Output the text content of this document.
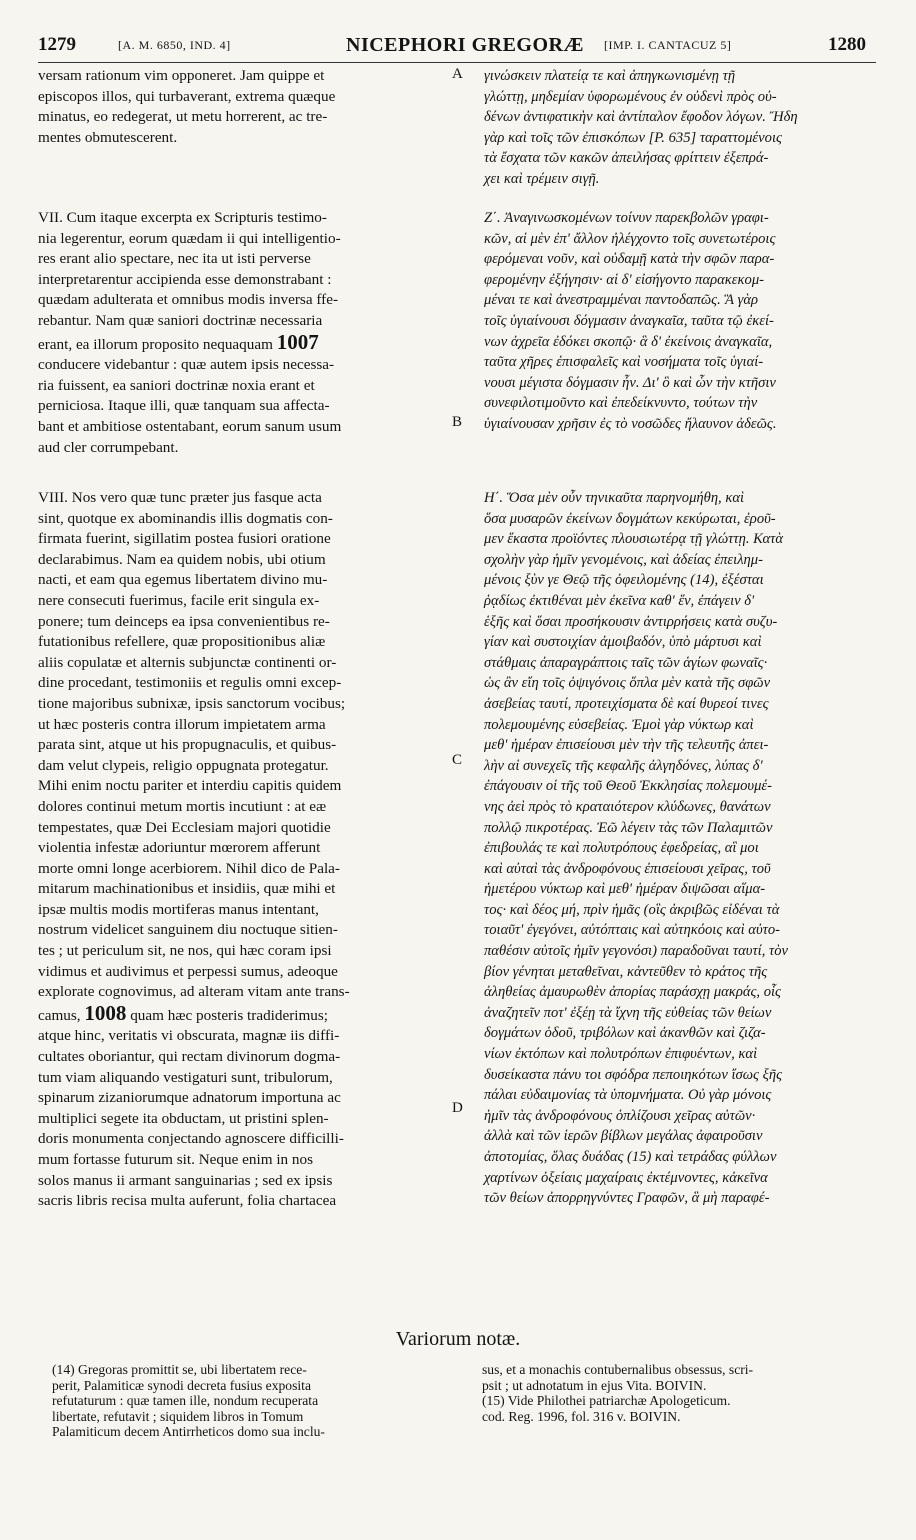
1279	[A. M. 6850, IND. 4]	NICEPHORI GREGORÆ [IMP. I. CANTACUZ 5]	1280
A
B
C
D
versam rationum vim opponeret. Jam quippe et
episcopos illos, qui turbaverant, extrema quæque
minatus, eo redegerat, ut metu horrerent, ac tre-
mentes obmutescerent.
VII. Cum itaque excerpta ex Scripturis testimo-
nia legerentur, eorum quædam ii qui intelligentio-
res erant alio spectare, nec ita ut isti perverse
interpretarentur accipienda esse demonstrabant :
quædam adulterata et omnibus modis inversa ffe-
rebantur. Nam quæ saniori doctrinæ necessaria
erant, ea illorum proposito nequaquam 1007
conducere videbantur : quæ autem ipsis necessa-
ria fuissent, ea saniori doctrinæ noxia erant et
perniciosa. Itaque illi, quæ tanquam sua affecta-
bant et ambitiose ostentabant, eorum sanum usum
aud cler corrumpebant.
VIII. Nos vero quæ tunc præter jus fasque acta
sint, quotque ex abominandis illis dogmatis con-
firmata fuerint, sigillatim postea fusiori oratione
declarabimus. Nam ea quidem nobis, ubi otium
nacti, et eam qua egemus libertatem divino mu-
nere consecuti fuerimus, facile erit singula ex-
ponere; tum deinceps ea ipsa convenientibus re-
futationibus refellere, quæ propositionibus aliæ
aliis copulatæ et alternis subjunctæ continenti or-
dine procedant, testimoniis et regulis omni excep-
tione majoribus subnixæ, ipsis sanctorum vocibus;
ut hæc posteris contra illorum impietatem arma
parata sint, atque ut his propugnaculis, et quibus-
dam velut clypeis, religio oppugnata protegatur.
Mihi enim noctu pariter et interdiu capitis quidem
dolores continui metum mortis incutiunt : at eæ
tempestates, quæ Dei Ecclesiam majori quotidie
violentia infestæ adoriuntur mœrorem afferunt
morte omni longe acerbiorem. Nihil dico de Pala-
mitarum machinationibus et insidiis, quæ mihi et
ipsæ multis modis mortiferas manus intentant,
nostrum videlicet sanguinem diu noctuque sitien-
tes ; ut periculum sit, ne nos, qui hæc coram ipsi
vidimus et audivimus et perpessi sumus, adeoque
explorate cognovimus, ad alteram vitam ante trans-
camus, 1008 quam hæc posteris tradiderimus;
atque hinc, veritatis vi obscurata, magnæ iis diffi-
cultates oboriantur, qui rectam divinorum dogma-
tum viam aliquando vestigaturi sunt, tribulorum,
spinarum zizaniorumque adnatorum importuna ac
multiplici segete ita obductam, ut pristini splen-
doris monumenta conjectando agnoscere difficilli-
mum fortasse futurum sit. Neque enim in nos
solos manus ii armant sanguinarias ; sed ex ipsis
sacris libris recisa multa auferunt, folia chartacea
γινώσκειν πλατείᾳ τε καὶ ἀπηγκωνισμένῃ τῇ
γλώττῃ, μηδεμίαν ὑφορωμένους ἐν οὐδενὶ πρὸς οὐ-
δένων ἀντιφατικὴν καὶ ἀντίπαλον ἔφοδον λόγων. Ἤδη
γὰρ καὶ τοῖς τῶν ἐπισκόπων [P. 635] ταραττομένοις
τὰ ἔσχατα τῶν κακῶν ἀπειλήσας φρίττειν ἐξεπρά-
χει καὶ τρέμειν σιγῇ.
Ζ΄. Ἀναγινωσκομένων τοίνυν παρεκβολῶν γραφι-
κῶν, αἱ μὲν ἐπ' ἄλλον ἠλέγχοντο τοῖς συνετωτέροις
φερόμεναι νοῦν, καὶ οὐδαμῇ κατὰ τὴν σφῶν παρα-
φερομένην ἐξήγησιν· αἱ δ' εἰσήγοντο παρακεκομ-
μέναι τε καὶ ἀνεστραμμέναι παντοδαπῶς. Ἃ γὰρ
τοῖς ὑγιαίνουσι δόγμασιν ἀναγκαῖα, ταῦτα τῷ ἐκεί-
νων ἀχρεῖα ἐδόκει σκοπῷ· ἃ δ' ἐκείνοις ἀναγκαῖα,
ταῦτα χῆρες ἐπισφαλεῖς καὶ νοσήματα τοῖς ὑγιαί-
νουσι μέγιστα δόγμασιν ἦν. Δι' ὃ καὶ ὧν τὴν κτῆσιν
συνεφιλοτιμοῦντο καὶ ἐπεδείκνυντο, τούτων τὴν
ὑγιαίνουσαν χρῆσιν ἐς τὸ νοσῶδες ἤλαυνον ἀδεῶς.
Η΄. Ὅσα μὲν οὖν τηνικαῦτα παρηνομήθη, καὶ
ὅσα μυσαρῶν ἐκείνων δογμάτων κεκύρωται, ἐροῦ-
μεν ἕκαστα προϊόντες πλουσιωτέρᾳ τῇ γλώττῃ. Κατὰ
σχολὴν γὰρ ἡμῖν γενομένοις, καὶ ἀδείας ἐπειλημ-
μένοις ξὺν γε Θεῷ τῆς ὀφειλομένης (14), ἐξέσται
ῥᾳδίως ἐκτιθέναι μὲν ἐκεῖνα καθ' ἕν, ἐπάγειν δ'
ἑξῆς καὶ ὅσαι προσήκουσιν ἀντιρρήσεις κατὰ συζυ-
γίαν καὶ συστοιχίαν ἀμοιβαδόν, ὑπὸ μάρτυσι καὶ
στάθμαις ἀπαραγράπτοις ταῖς τῶν ἁγίων φωναῖς·
ὡς ἂν εἴη τοῖς ὀψιγόνοις ὅπλα μὲν κατὰ τῆς σφῶν
ἀσεβείας ταυτί, προτειχίσματα δὲ καί θυρεοί τινες
πολεμουμένης εὐσεβείας. Ἐμοὶ γὰρ νύκτωρ καὶ
μεθ' ἡμέραν ἐπισείουσι μὲν τὴν τῆς τελευτῆς ἀπει-
λὴν αἱ συνεχεῖς τῆς κεφαλῆς ἀλγηδόνες, λύπας δ'
ἐπάγουσιν οἱ τῆς τοῦ Θεοῦ Ἐκκλησίας πολεμουμέ-
νης ἀεὶ πρὸς τὸ κραταιότερον κλύδωνες, θανάτων
πολλῷ πικροτέρας. Ἐῶ λέγειν τὰς τῶν Παλαμιτῶν
ἐπιβουλάς τε καὶ πολυτρόπους ἐφεδρείας, αἳ μοι
καὶ αὐταὶ τὰς ἀνδροφόνους ἐπισείουσι χεῖρας, τοῦ
ἡμετέρου νύκτωρ καὶ μεθ' ἡμέραν διψῶσαι αἵμα-
τος· καὶ δέος μή, πρὶν ἡμᾶς (οἳς ἀκριβῶς εἰδέναι τὰ
τοιαῦτ' ἐγεγόνει, αὐτόπταις καὶ αὐτηκόοις καὶ αὐτο-
παθέσιν αὐτοῖς ἡμῖν γεγονόσι) παραδοῦναι ταυτί, τὸν
βίον γένηται μεταθεῖναι, κἀντεῦθεν τὸ κράτος τῆς
ἀληθείας ἀμαυρωθὲν ἀπορίας παράσχῃ μακράς, οἷς
ἀναζητεῖν ποτ' ἐξέῃ τὰ ἴχνη τῆς εὐθείας τῶν θείων
δογμάτων ὁδοῦ, τριβόλων καὶ ἀκανθῶν καὶ ζιζα-
νίων ἐκτόπων καὶ πολυτρόπων ἐπιφυέντων, καὶ
δυσείκαστα πάνυ τοι σφόδρα πεποιηκότων ἴσως ξῆς
πάλαι εὐδαιμονίας τὰ ὑπομνήματα. Οὐ γὰρ μόνοις
ἡμῖν τὰς ἀνδροφόνους ὁπλίζουσι χεῖρας αὐτῶν·
ἀλλὰ καὶ τῶν ἱερῶν βίβλων μεγάλας ἀφαιροῦσιν
ἀποτομίας, ὅλας δυάδας (15) καὶ τετράδας φύλλων
χαρτίνων ὀξείαις μαχαίραις ἐκτέμνοντες, κἀκεῖνα
τῶν θείων ἀπορρηγνύντες Γραφῶν, ἃ μὴ παραφέ-
Variorum notæ.
(14) Gregoras promittit se, ubi libertatem rece-
perit, Palamiticæ synodi decreta fusius exposita
refutaturum : quæ tamen ille, nondum recuperata
libertate, refutavit ; siquidem libros in Tomum
Palamiticum decem Antirrheticos domo sua inclu-
sus, et a monachis contubernalibus obsessus, scri-
psit ; ut adnotatum in ejus Vita. BOIVIN.
(15) Vide Philothei patriarchæ Apologeticum.
cod. Reg. 1996, fol. 316 v. BOIVIN.
